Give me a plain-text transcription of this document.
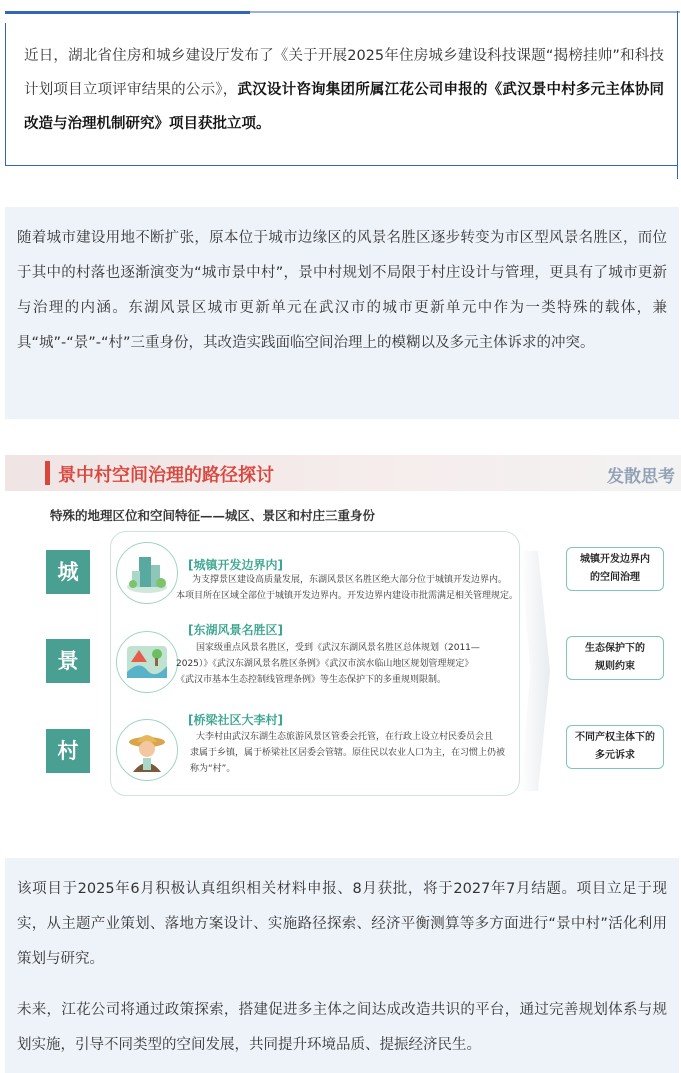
近日，湖北省住房和城乡建设厅发布了《关于开展2025年住房城乡建设科技课题“揭榜挂帅”和科技计划项目立项评审结果的公示》，武汉设计咨询集团所属江花公司申报的《武汉景中村多元主体协同改造与治理机制研究》项目获批立项。
随着城市建设用地不断扩张，原本位于城市边缘区的风景名胜区逐步转变为市区型风景名胜区，而位于其中的村落也逐渐演变为“城市景中村”，景中村规划不局限于村庄设计与管理，更具有了城市更新与治理的内涵。东湖风景区城市更新单元在武汉市的城市更新单元中作为一类特殊的载体，兼具“城”-“景”-“村”三重身份，其改造实践面临空间治理上的模糊以及多元主体诉求的冲突。
景中村空间治理的路径探讨	发散思考
特殊的地理区位和空间特征——城区、景区和村庄三重身份
城	[城镇开发边界内]
为支撑景区建设高质量发展，东湖风景区名胜区绝大部分位于城镇开发边界内。
本项目所在区域全部位于城镇开发边界内。开发边界内建设市批需满足相关管理规定。
景
[东湖风景名胜区]
国家级重点风景名胜区，受到《武汉东湖风景名胜区总体规划（2011—
2025）》《武汉东湖风景名胜区条例》《武汉市滨水临山地区规划管理规定》
《武汉市基本生态控制线管理条例》等生态保护下的多重规则限制。
村
[桥梁社区大李村]
大李村由武汉东湖生态旅游风景区管委会托管，在行政上设立村民委员会且
隶属于乡镇，属于桥梁社区居委会管辖。原住民以农业人口为主，在习惯上仍被
称为“村”。
城镇开发边界内的空间治理
生态保护下的规则约束
不同产权主体下的多元诉求

该项目于2025年6月积极认真组织相关材料申报、8月获批，将于2027年7月结题。项目立足于现实，从主题产业策划、落地方案设计、实施路径探索、经济平衡测算等多方面进行“景中村”活化利用策划与研究。

未来，江花公司将通过政策探索，搭建促进多主体之间达成改造共识的平台，通过完善规划体系与规划实施，引导不同类型的空间发展，共同提升环境品质、提振经济民生。
